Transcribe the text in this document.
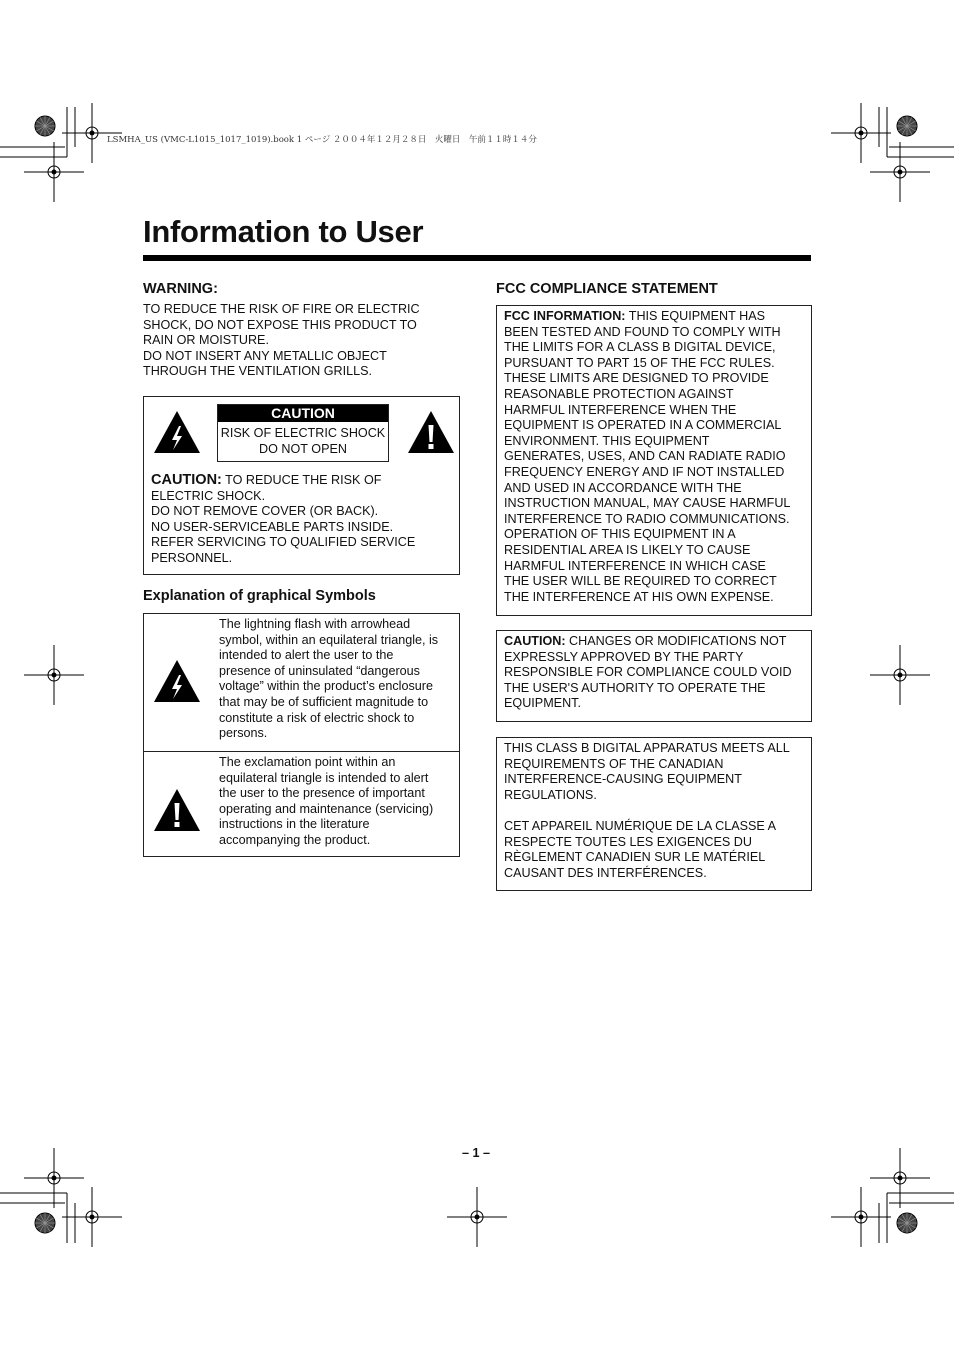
LSMHA_US (VMC-L1015_1017_1019).book 1 ページ ２００４年１２月２８日　火曜日　午前１１時１４分
Information to User
WARNING:
TO REDUCE THE RISK OF FIRE OR ELECTRIC
SHOCK, DO NOT EXPOSE THIS PRODUCT TO
RAIN OR MOISTURE.
DO NOT INSERT ANY METALLIC OBJECT
THROUGH THE VENTILATION GRILLS.
CAUTION
RISK OF ELECTRIC SHOCK
DO NOT OPEN
CAUTION: TO REDUCE THE RISK OF
ELECTRIC SHOCK.
DO NOT REMOVE COVER (OR BACK).
NO USER-SERVICEABLE PARTS INSIDE.
REFER SERVICING TO QUALIFIED SERVICE
PERSONNEL.
Explanation of graphical Symbols
The lightning flash with arrowhead
symbol, within an equilateral triangle, is
intended to alert the user to the
presence of uninsulated “dangerous
voltage” within the product’s enclosure
that may be of sufficient magnitude to
constitute a risk of electric shock to
persons.
The exclamation point within an
equilateral triangle is intended to alert
the user to the presence of important
operating and maintenance (servicing)
instructions in the literature
accompanying the product.
FCC COMPLIANCE STATEMENT
FCC INFORMATION: THIS EQUIPMENT HAS
BEEN TESTED AND FOUND TO COMPLY WITH
THE LIMITS FOR A CLASS B DIGITAL DEVICE,
PURSUANT TO PART 15 OF THE FCC RULES.
THESE LIMITS ARE DESIGNED TO PROVIDE
REASONABLE PROTECTION AGAINST
HARMFUL INTERFERENCE WHEN THE
EQUIPMENT IS OPERATED IN A COMMERCIAL
ENVIRONMENT. THIS EQUIPMENT
GENERATES, USES, AND CAN RADIATE RADIO
FREQUENCY ENERGY AND IF NOT INSTALLED
AND USED IN ACCORDANCE WITH THE
INSTRUCTION MANUAL, MAY CAUSE HARMFUL
INTERFERENCE TO RADIO COMMUNICATIONS.
OPERATION OF THIS EQUIPMENT IN A
RESIDENTIAL AREA IS LIKELY TO CAUSE
HARMFUL INTERFERENCE IN WHICH CASE
THE USER WILL BE REQUIRED TO CORRECT
THE INTERFERENCE AT HIS OWN EXPENSE.
CAUTION: CHANGES OR MODIFICATIONS NOT
EXPRESSLY APPROVED BY THE PARTY
RESPONSIBLE FOR COMPLIANCE COULD VOID
THE USER'S AUTHORITY TO OPERATE THE
EQUIPMENT.
THIS CLASS B DIGITAL APPARATUS MEETS ALL
REQUIREMENTS OF THE CANADIAN
INTERFERENCE-CAUSING EQUIPMENT
REGULATIONS.
CET APPAREIL NUMÉRIQUE DE LA CLASSE A
RESPECTE TOUTES LES EXIGENCES DU
RÈGLEMENT CANADIEN SUR LE MATÉRIEL
CAUSANT DES INTERFÉRENCES.
– 1 –
